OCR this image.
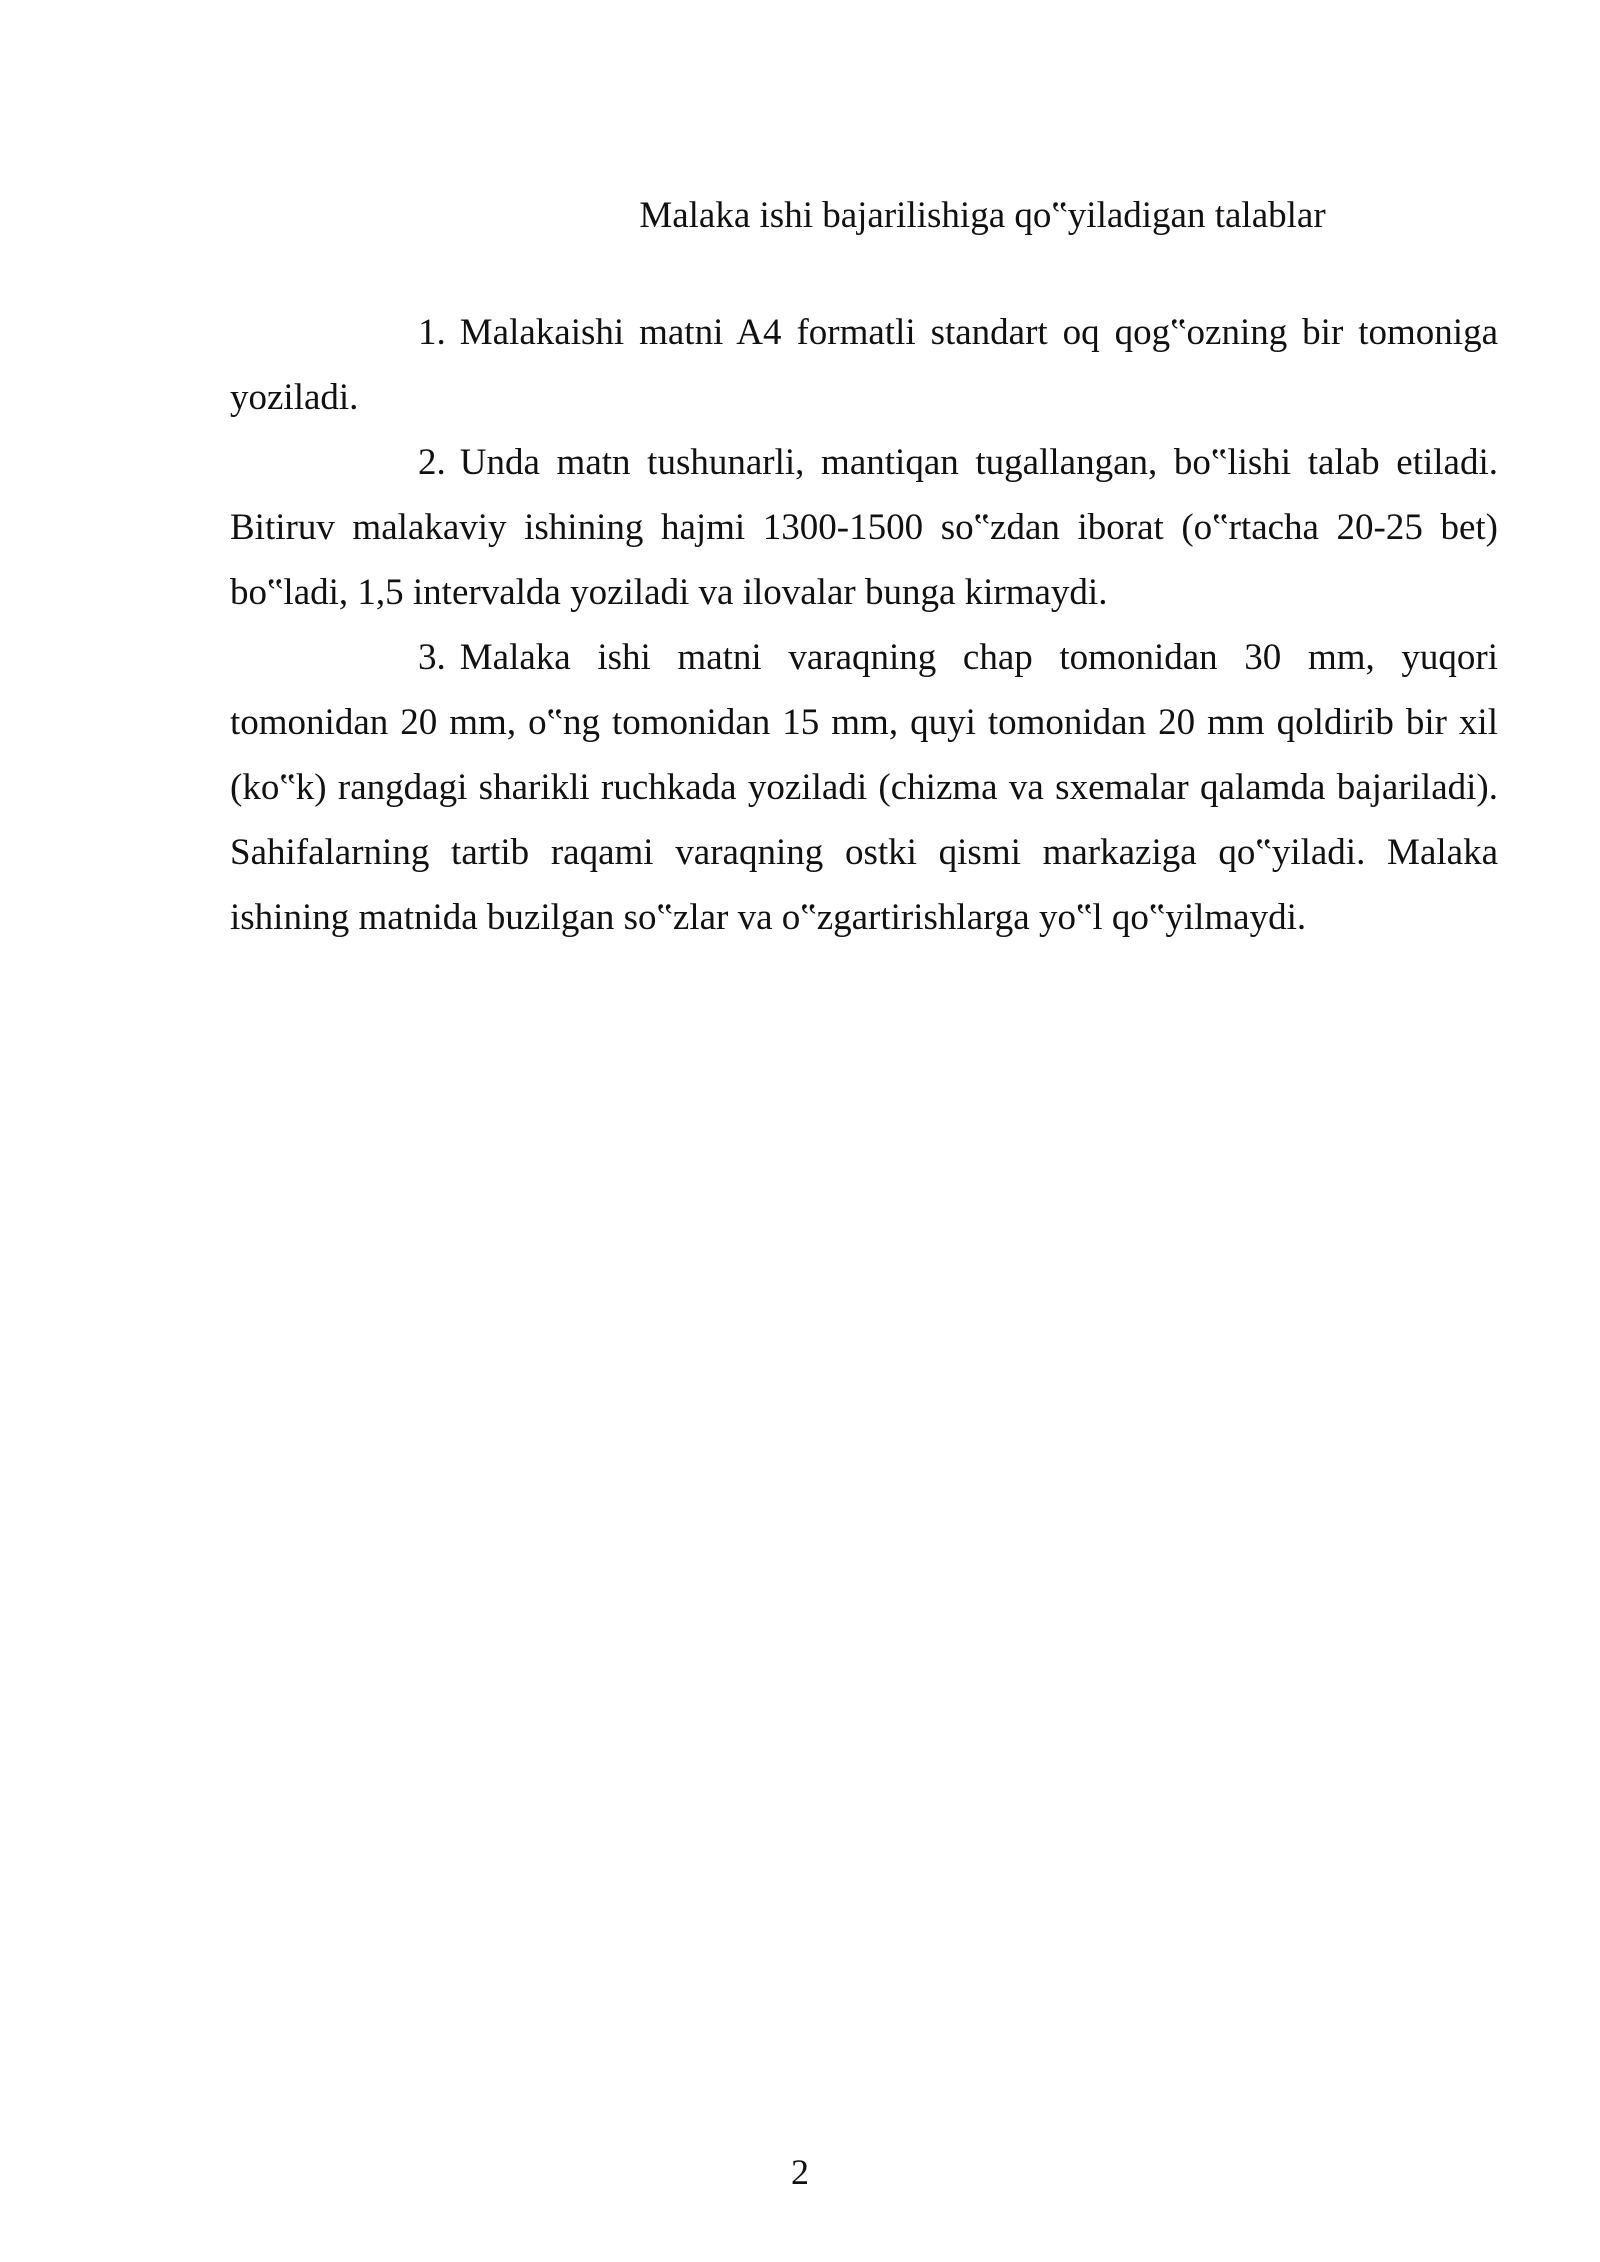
Malaka ishi bajarilishiga qo‟yiladigan talablar

1. Malakaishi matni A4 formatli standart oq qog‟ozning bir tomoniga yoziladi.

2. Unda matn tushunarli, mantiqan tugallangan, bo‟lishi talab etiladi. Bitiruv malakaviy ishining hajmi 1300-1500 so‟zdan iborat (o‟rtacha 20-25 bet) bo‟ladi, 1,5 intervalda yoziladi va ilovalar bunga kirmaydi.

3. Malaka ishi matni varaqning chap tomonidan 30 mm, yuqori tomonidan 20 mm, o‟ng tomonidan 15 mm, quyi tomonidan 20 mm qoldirib bir xil (ko‟k) rangdagi sharikli ruchkada yoziladi (chizma va sxemalar qalamda bajariladi). Sahifalarning tartib raqami varaqning ostki qismi markaziga qo‟yiladi. Malaka ishining matnida buzilgan so‟zlar va o‟zgartirishlarga yo‟l qo‟yilmaydi.

2
